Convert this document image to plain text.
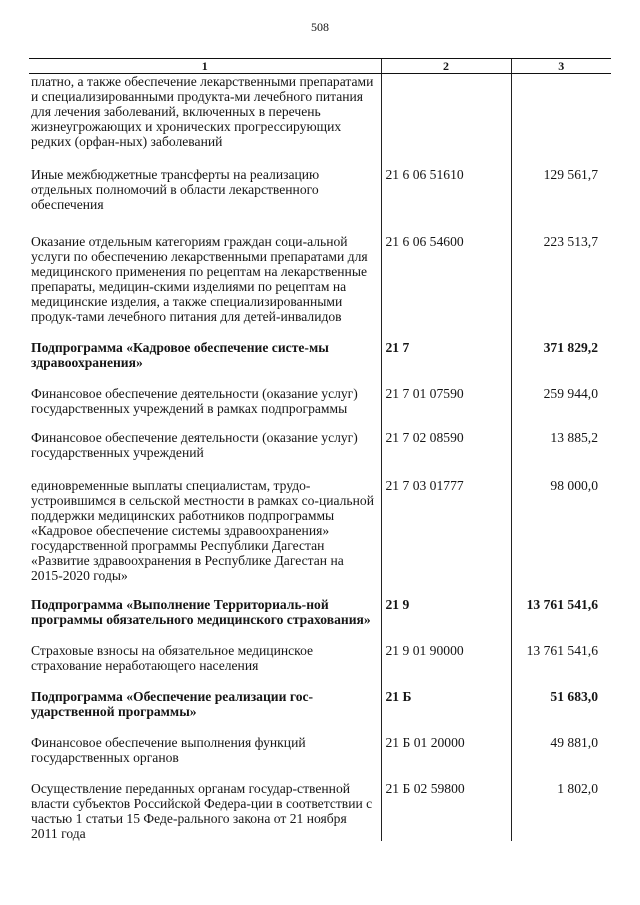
508
1	2	3
платно, а также обеспечение лекарственными препаратами и специализированными продукта-ми лечебного питания для лечения заболеваний, включенных в перечень жизнеугрожающих и хронических прогрессирующих редких (орфан-ных) заболеваний		

Иные межбюджетные трансферты на реализацию отдельных полномочий в области лекарственного обеспечения	21 6 06 51610	129 561,7

Оказание отдельным категориям граждан соци-альной услуги по обеспечению лекарственными препаратами для медицинского применения по рецептам на лекарственные препараты, медицин-скими изделиями по рецептам на медицинские изделия, а также специализированными продук-тами лечебного питания для детей-инвалидов	21 6 06 54600	223 513,7

Подпрограмма «Кадровое обеспечение систе-мы здравоохранения»	21 7	371 829,2

Финансовое обеспечение деятельности (оказание услуг) государственных учреждений в рамках подпрограммы	21 7 01 07590	259 944,0

Финансовое обеспечение деятельности (оказание услуг) государственных учреждений	21 7 02 08590	13 885,2

единовременные выплаты специалистам, трудо-устроившимся в сельской местности в рамках со-циальной поддержки медицинских работников подпрограммы «Кадровое обеспечение системы здравоохранения» государственной программы Республики Дагестан «Развитие здравоохранения в Республике Дагестан на 2015-2020 годы»	21 7 03 01777	98 000,0

Подпрограмма «Выполнение Территориаль-ной программы обязательного медицинского страхования»	21 9	13 761 541,6

Страховые взносы на обязательное медицинское страхование неработающего населения	21 9 01 90000	13 761 541,6

Подпрограмма «Обеспечение реализации гос-ударственной программы»	21 Б	51 683,0

Финансовое обеспечение выполнения функций государственных органов	21 Б 01 20000	49 881,0

Осуществление переданных органам государ-ственной власти субъектов Российской Федера-ции в соответствии с частью 1 статьи 15 Феде-рального закона от 21 ноября 2011 года	21 Б 02 59800	1 802,0
